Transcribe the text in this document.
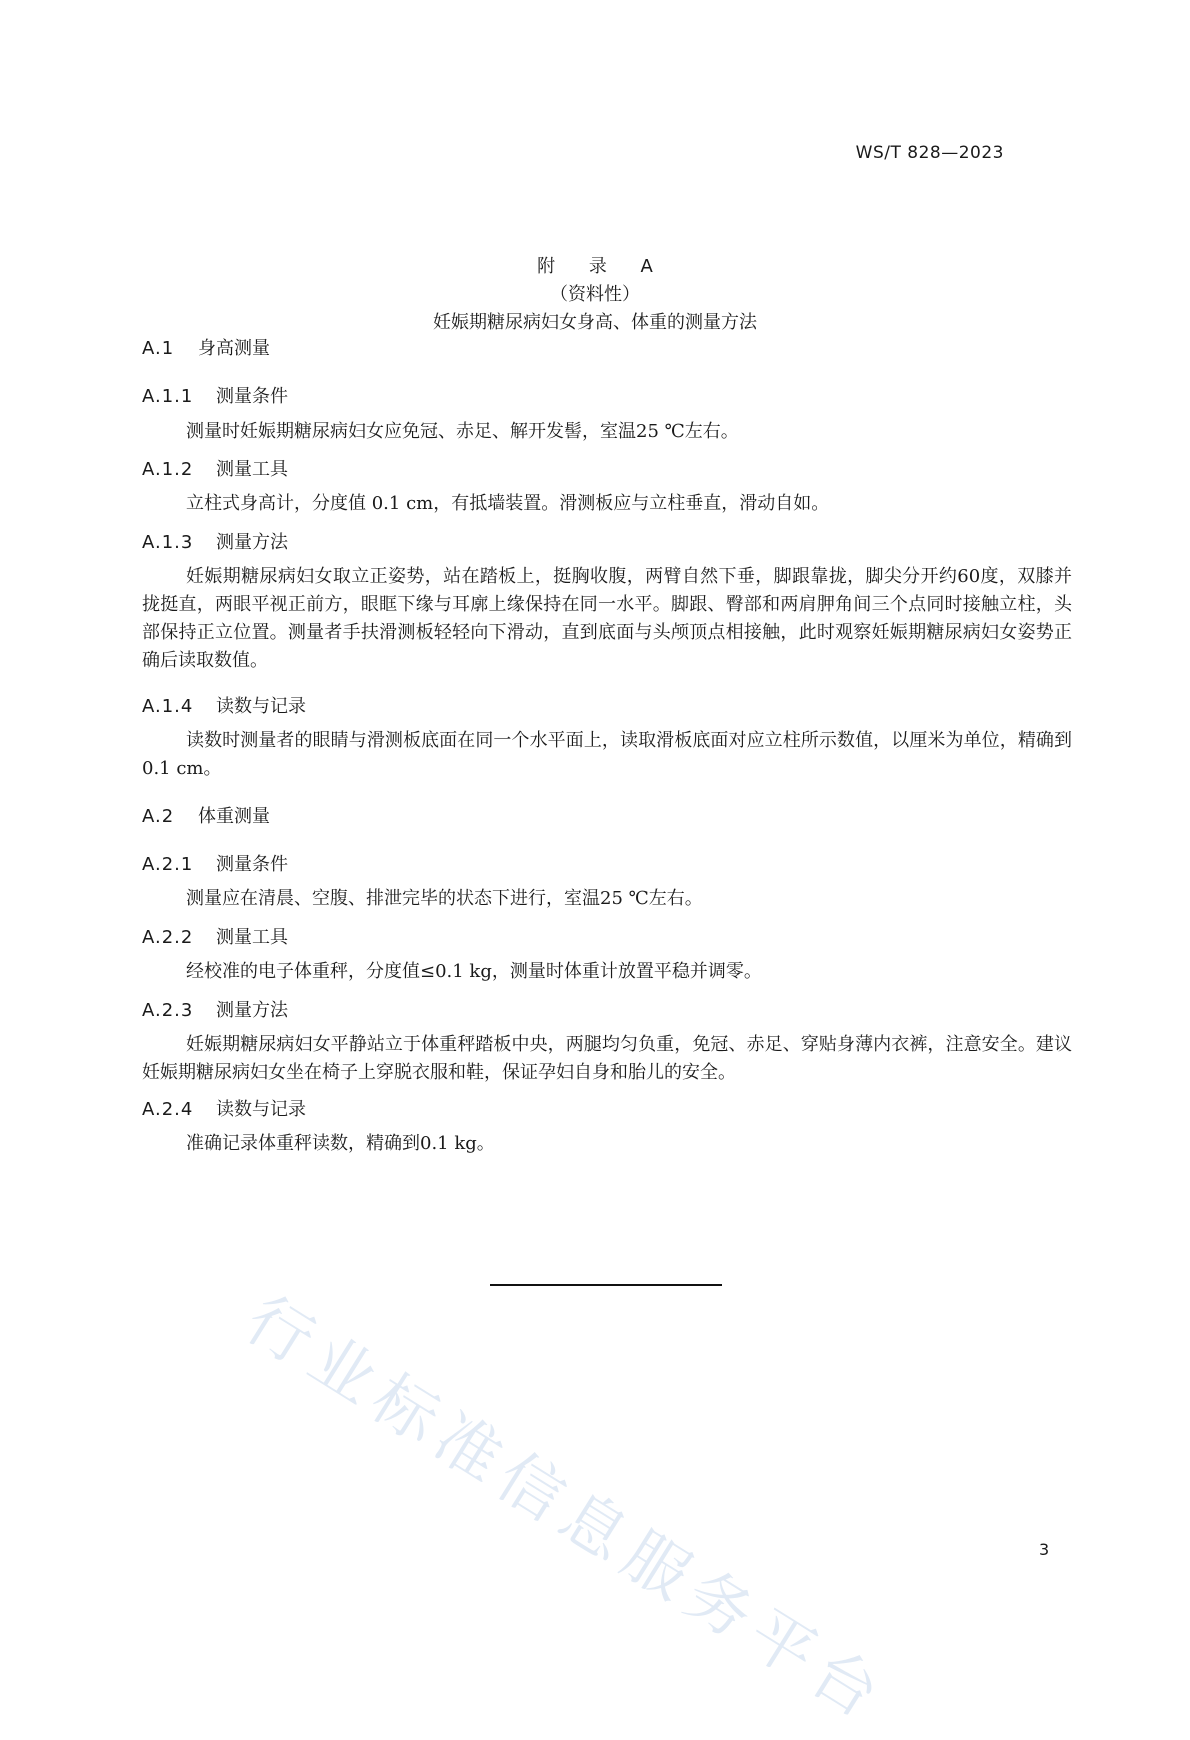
WS/T 828—2023
附 录 A
（资料性）
妊娠期糖尿病妇女身高、体重的测量方法
A.1 身高测量
A.1.1 测量条件
测量时妊娠期糖尿病妇女应免冠、赤足、解开发髻，室温25 ℃左右。
A.1.2 测量工具
立柱式身高计，分度值 0.1 cm，有抵墙装置。滑测板应与立柱垂直，滑动自如。
A.1.3 测量方法
妊娠期糖尿病妇女取立正姿势，站在踏板上，挺胸收腹，两臂自然下垂，脚跟靠拢，脚尖分开约60度，双膝并拢挺直，两眼平视正前方，眼眶下缘与耳廓上缘保持在同一水平。脚跟、臀部和两肩胛角间三个点同时接触立柱，头部保持正立位置。测量者手扶滑测板轻轻向下滑动，直到底面与头颅顶点相接触，此时观察妊娠期糖尿病妇女姿势正确后读取数值。
A.1.4 读数与记录
读数时测量者的眼睛与滑测板底面在同一个水平面上，读取滑板底面对应立柱所示数值，以厘米为单位，精确到 0.1 cm。
A.2 体重测量
A.2.1 测量条件
测量应在清晨、空腹、排泄完毕的状态下进行，室温25 ℃左右。
A.2.2 测量工具
经校准的电子体重秤，分度值≤0.1 kg，测量时体重计放置平稳并调零。
A.2.3 测量方法
妊娠期糖尿病妇女平静站立于体重秤踏板中央，两腿均匀负重，免冠、赤足、穿贴身薄内衣裤，注意安全。建议妊娠期糖尿病妇女坐在椅子上穿脱衣服和鞋，保证孕妇自身和胎儿的安全。
A.2.4 读数与记录
准确记录体重秤读数，精确到0.1 kg。
行业标准信息服务平台	3
